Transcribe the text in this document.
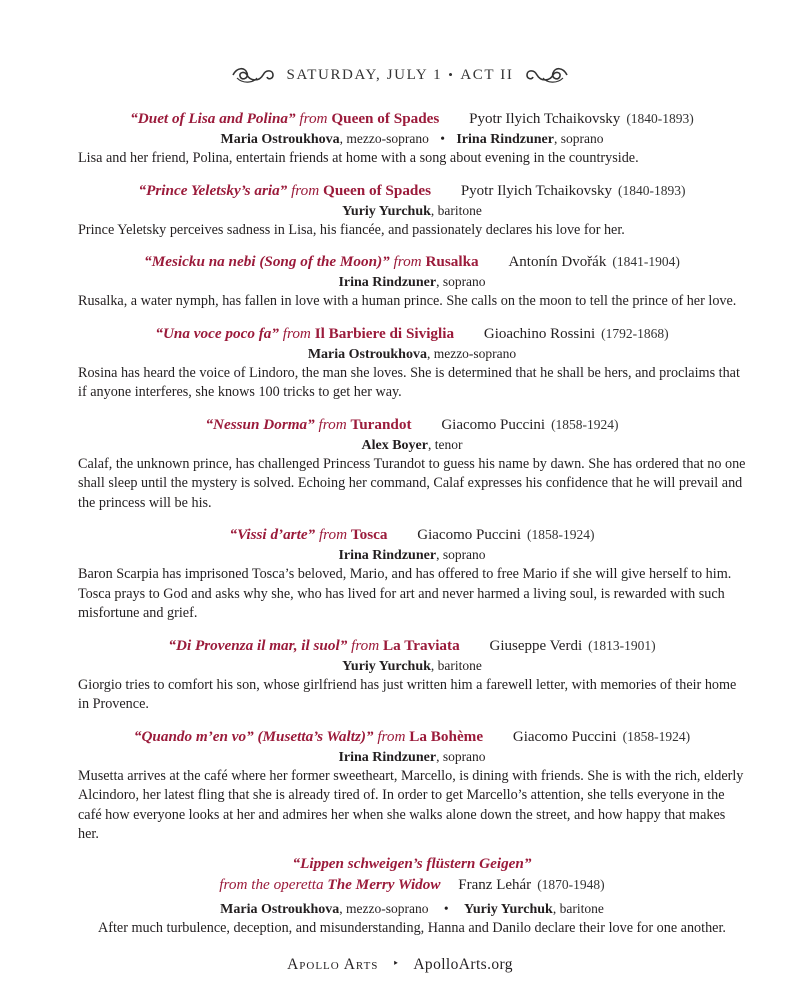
SATURDAY, JULY 1 • ACT II
“Duet of Lisa and Polina” from Queen of Spades Pyotr Ilyich Tchaikovsky (1840-1893)
Maria Ostroukhova, mezzo-soprano • Irina Rindzuner, soprano
Lisa and her friend, Polina, entertain friends at home with a song about evening in the countryside.
“Prince Yeletsky’s aria” from Queen of Spades Pyotr Ilyich Tchaikovsky (1840-1893)
Yuriy Yurchuk, baritone
Prince Yeletsky perceives sadness in Lisa, his fiancée, and passionately declares his love for her.
“Mesicku na nebi (Song of the Moon)” from Rusalka Antonín Dvořák (1841-1904)
Irina Rindzuner, soprano
Rusalka, a water nymph, has fallen in love with a human prince. She calls on the moon to tell the prince of her love.
“Una voce poco fa” from Il Barbiere di Siviglia Gioachino Rossini (1792-1868)
Maria Ostroukhova, mezzo-soprano
Rosina has heard the voice of Lindoro, the man she loves. She is determined that he shall be hers, and proclaims that if anyone interferes, she knows 100 tricks to get her way.
“Nessun Dorma” from Turandot Giacomo Puccini (1858-1924)
Alex Boyer, tenor
Calaf, the unknown prince, has challenged Princess Turandot to guess his name by dawn. She has ordered that no one shall sleep until the mystery is solved. Echoing her command, Calaf expresses his confidence that he will prevail and the princess will be his.
“Vissi d’arte” from Tosca Giacomo Puccini (1858-1924)
Irina Rindzuner, soprano
Baron Scarpia has imprisoned Tosca’s beloved, Mario, and has offered to free Mario if she will give herself to him. Tosca prays to God and asks why she, who has lived for art and never harmed a living soul, is rewarded with such misfortune and grief.
“Di Provenza il mar, il suol” from La Traviata Giuseppe Verdi (1813-1901)
Yuriy Yurchuk, baritone
Giorgio tries to comfort his son, whose girlfriend has just written him a farewell letter, with memories of their home in Provence.
“Quando m’en vo” (Musetta’s Waltz)” from La Bohème Giacomo Puccini (1858-1924)
Irina Rindzuner, soprano
Musetta arrives at the café where her former sweetheart, Marcello, is dining with friends. She is with the rich, elderly Alcindoro, her latest fling that she is already tired of. In order to get Marcello’s attention, she tells everyone in the café how everyone looks at her and admires her when she walks alone down the street, and how happy that makes her.
“Lippen schweigen’s flüstern Geigen”
from the operetta The Merry Widow Franz Lehár (1870-1948)
Maria Ostroukhova, mezzo-soprano • Yuriy Yurchuk, baritone
After much turbulence, deception, and misunderstanding, Hanna and Danilo declare their love for one another.
Apollo Arts ‣ ApolloArts.org
